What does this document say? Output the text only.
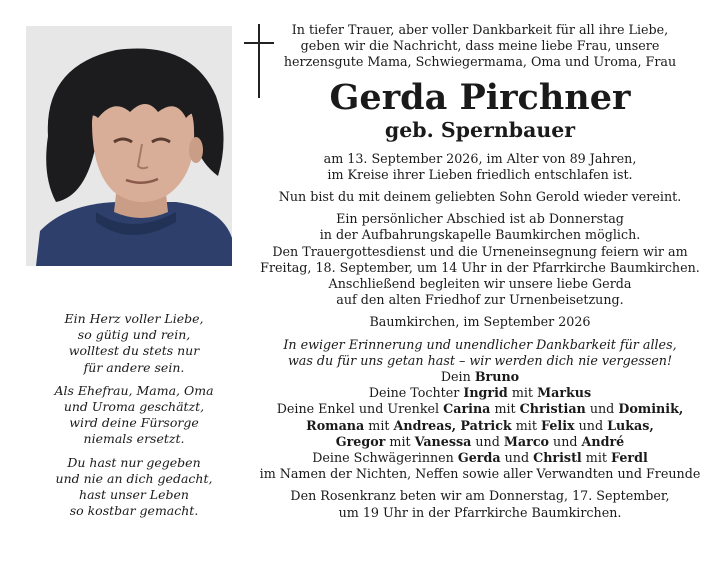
In tiefer Trauer, aber voller Dankbarkeit für all ihre Liebe,

geben wir die Nachricht, dass meine liebe Frau, unsere

herzensgute Mama, Schwiegermama, Oma und Uroma, Frau

Gerda Pirchner

geb. Spernbauer

am 13. September 2026, im Alter von 89 Jahren,

im Kreise ihrer Lieben friedlich entschlafen ist.

Nun bist du mit deinem geliebten Sohn Gerold wieder vereint.

Ein persönlicher Abschied ist ab Donnerstag

in der Aufbahrungskapelle Baumkirchen möglich.

Den Trauergottesdienst und die Urneneinsegnung feiern wir am

Freitag, 18. September, um 14 Uhr in der Pfarrkirche Baumkirchen.

Anschließend begleiten wir unsere liebe Gerda

auf den alten Friedhof zur Urnenbeisetzung.

Baumkirchen, im September 2026

In ewiger Erinnerung und unendlicher Dankbarkeit für alles,

was du für uns getan hast – wir werden dich nie vergessen!

Dein Bruno

Deine Tochter Ingrid mit Markus

Deine Enkel und Urenkel Carina mit Christian und Dominik,

Romana mit Andreas, Patrick mit Felix und Lukas,

Gregor mit Vanessa und Marco und André

Deine Schwägerinnen Gerda und Christl mit Ferdl

im Namen der Nichten, Neffen sowie aller Verwandten und Freunde

Den Rosenkranz beten wir am Donnerstag, 17. September,

um 19 Uhr in der Pfarrkirche Baumkirchen.

Ein Herz voller Liebe,

so gütig und rein,

wolltest du stets nur

für andere sein.

Als Ehefrau, Mama, Oma

und Uroma geschätzt,

wird deine Fürsorge

niemals ersetzt.

Du hast nur gegeben

und nie an dich gedacht,

hast unser Leben

so kostbar gemacht.
